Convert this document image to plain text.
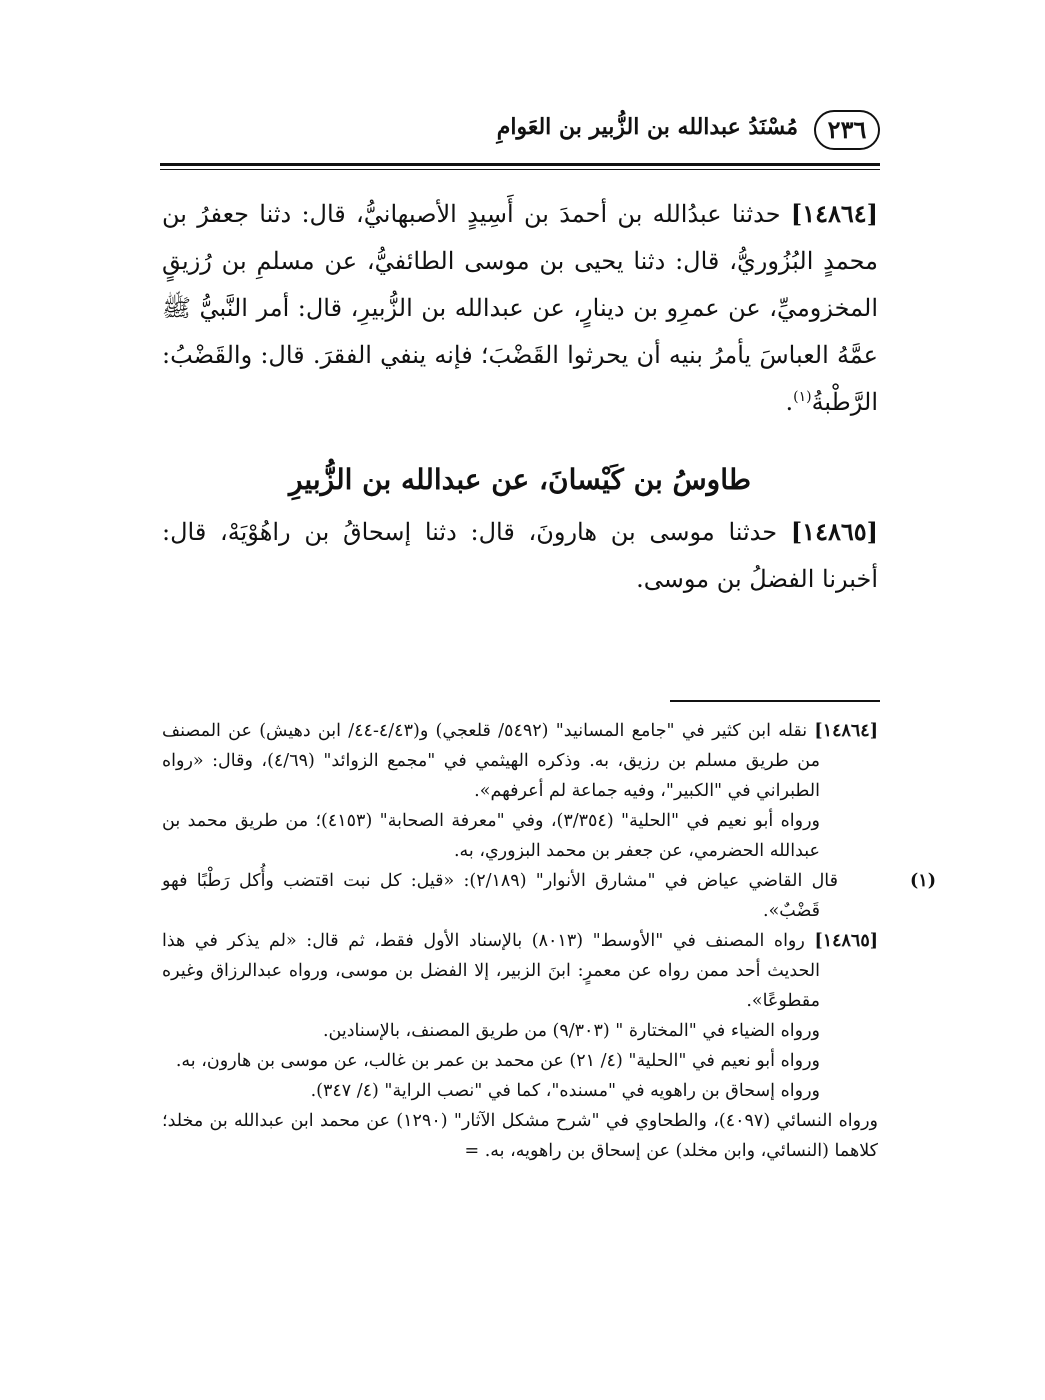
٢٣٦
مُسْنَدُ عبدالله بن الزُّبير بن العَوامِ

[١٤٨٦٤] حدثنا عبدُالله بن أحمدَ بن أَسِيدٍ الأصبهانيُّ، قال: دثنا جعفرُ بن محمدٍ البُزُوريُّ، قال: دثنا يحيى بن موسى الطائفيُّ، عن مسلمِ بن رُزيقٍ المخزوميِّ، عن عمرِو بن دينارٍ، عن عبدالله بن الزُّبيرِ، قال: أمر النَّبيُّ ﷺ عمَّهُ العباسَ يأمرُ بنيه أن يحرثوا القَضْبَ؛ فإنه ينفي الفقرَ. قال: والقَضْبُ: الرَّطْبةُ$^{(١)}$.

طاوسُ بن كَيْسانَ، عن عبدالله بن الزُّبيرِ

[١٤٨٦٥] حدثنا موسى بن هارونَ، قال: دثنا إسحاقُ بن راهُوْيَهْ، قال: أخبرنا الفضلُ بن موسى.

[١٤٨٦٤] نقله ابن كثير في "جامع المسانيد" (٥٤٩٢/ قلعجي) و(٤/٤٣-٤٤/ ابن دهيش) عن المصنف من طريق مسلم بن رزيق، به. وذكره الهيثمي في "مجمع الزوائد" (٤/٦٩)، وقال: «رواه الطبراني في "الكبير"، وفيه جماعة لم أعرفهم».

ورواه أبو نعيم في "الحلية" (٣/٣٥٤)، وفي "معرفة الصحابة" (٤١٥٣)؛ من طريق محمد بن عبدالله الحضرمي، عن جعفر بن محمد البزوري، به.

(١)قال القاضي عياض في "مشارق الأنوار" (٢/١٨٩): «قيل: كل نبت اقتضب وأُكل رَطْبًا فهو قَضْبٌ».

[١٤٨٦٥] رواه المصنف في "الأوسط" (٨٠١٣) بالإسناد الأول فقط، ثم قال: «لم يذكر في هذا الحديث أحد ممن رواه عن معمرٍ: ابنَ الزبير، إلا الفضل بن موسى، ورواه عبدالرزاق وغيره مقطوعًا».

ورواه الضياء في "المختارة " (٩/٣٠٣) من طريق المصنف، بالإسنادين.

ورواه أبو نعيم في "الحلية" (٤/ ٢١) عن محمد بن عمر بن غالب، عن موسى بن هارون، به.

ورواه إسحاق بن راهويه في "مسنده"، كما في "نصب الراية" (٤/ ٣٤٧).

ورواه النسائي (٤٠٩٧)، والطحاوي في "شرح مشكل الآثار" (١٢٩٠) عن محمد ابن عبدالله بن مخلد؛ كلاهما (النسائي، وابن مخلد) عن إسحاق بن راهويه، به. =
